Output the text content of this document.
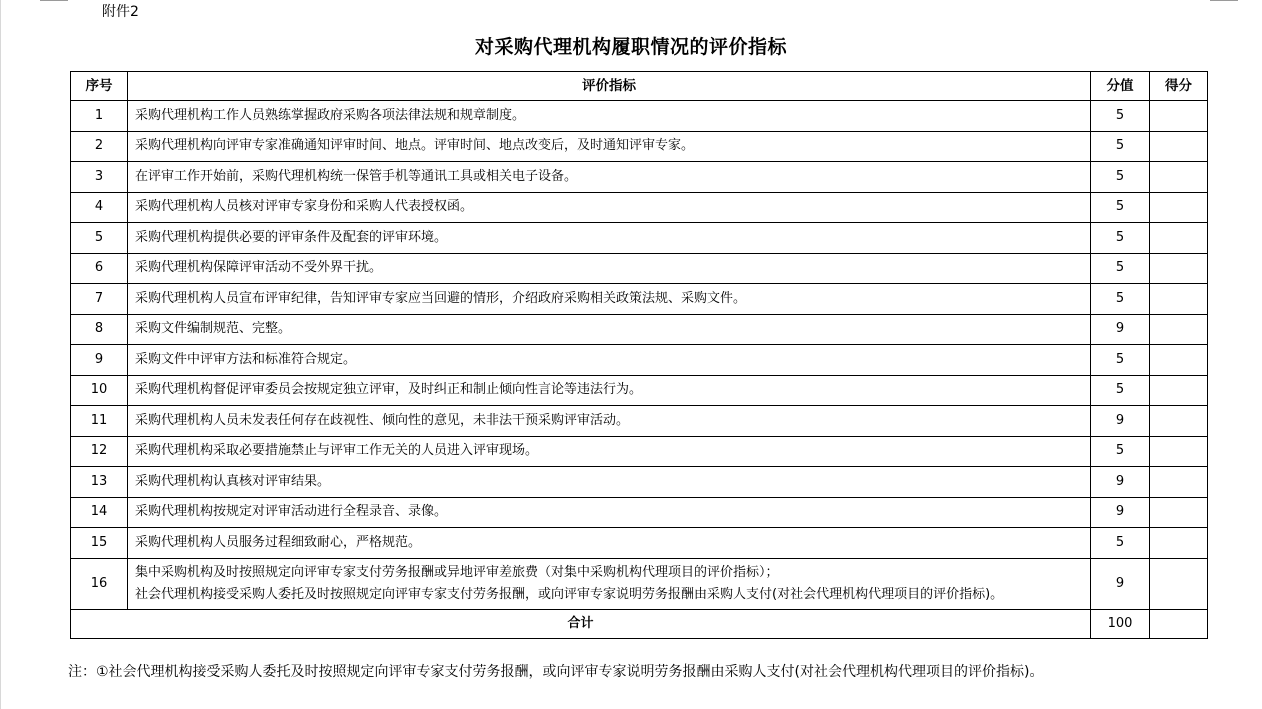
附件2
对采购代理机构履职情况的评价指标
序号	评价指标	分值	得分
1	采购代理机构工作人员熟练掌握政府采购各项法律法规和规章制度。	5	
2	采购代理机构向评审专家准确通知评审时间、地点。评审时间、地点改变后，及时通知评审专家。	5	
3	在评审工作开始前，采购代理机构统一保管手机等通讯工具或相关电子设备。	5	
4	采购代理机构人员核对评审专家身份和采购人代表授权函。	5	
5	采购代理机构提供必要的评审条件及配套的评审环境。	5	
6	采购代理机构保障评审活动不受外界干扰。	5	
7	采购代理机构人员宣布评审纪律，告知评审专家应当回避的情形，介绍政府采购相关政策法规、采购文件。	5	
8	采购文件编制规范、完整。	9	
9	采购文件中评审方法和标准符合规定。	5	
10	采购代理机构督促评审委员会按规定独立评审，及时纠正和制止倾向性言论等违法行为。	5	
11	采购代理机构人员未发表任何存在歧视性、倾向性的意见，未非法干预采购评审活动。	9	
12	采购代理机构采取必要措施禁止与评审工作无关的人员进入评审现场。	5	
13	采购代理机构认真核对评审结果。	9	
14	采购代理机构按规定对评审活动进行全程录音、录像。	9	
15	采购代理机构人员服务过程细致耐心，严格规范。	5	
16	集中采购机构及时按照规定向评审专家支付劳务报酬或异地评审差旅费（对集中采购机构代理项目的评价指标）；
社会代理机构接受采购人委托及时按照规定向评审专家支付劳务报酬，或向评审专家说明劳务报酬由采购人支付(对社会代理机构代理项目的评价指标)。	9	
合计		100	
注：①社会代理机构接受采购人委托及时按照规定向评审专家支付劳务报酬，或向评审专家说明劳务报酬由采购人支付(对社会代理机构代理项目的评价指标)。
